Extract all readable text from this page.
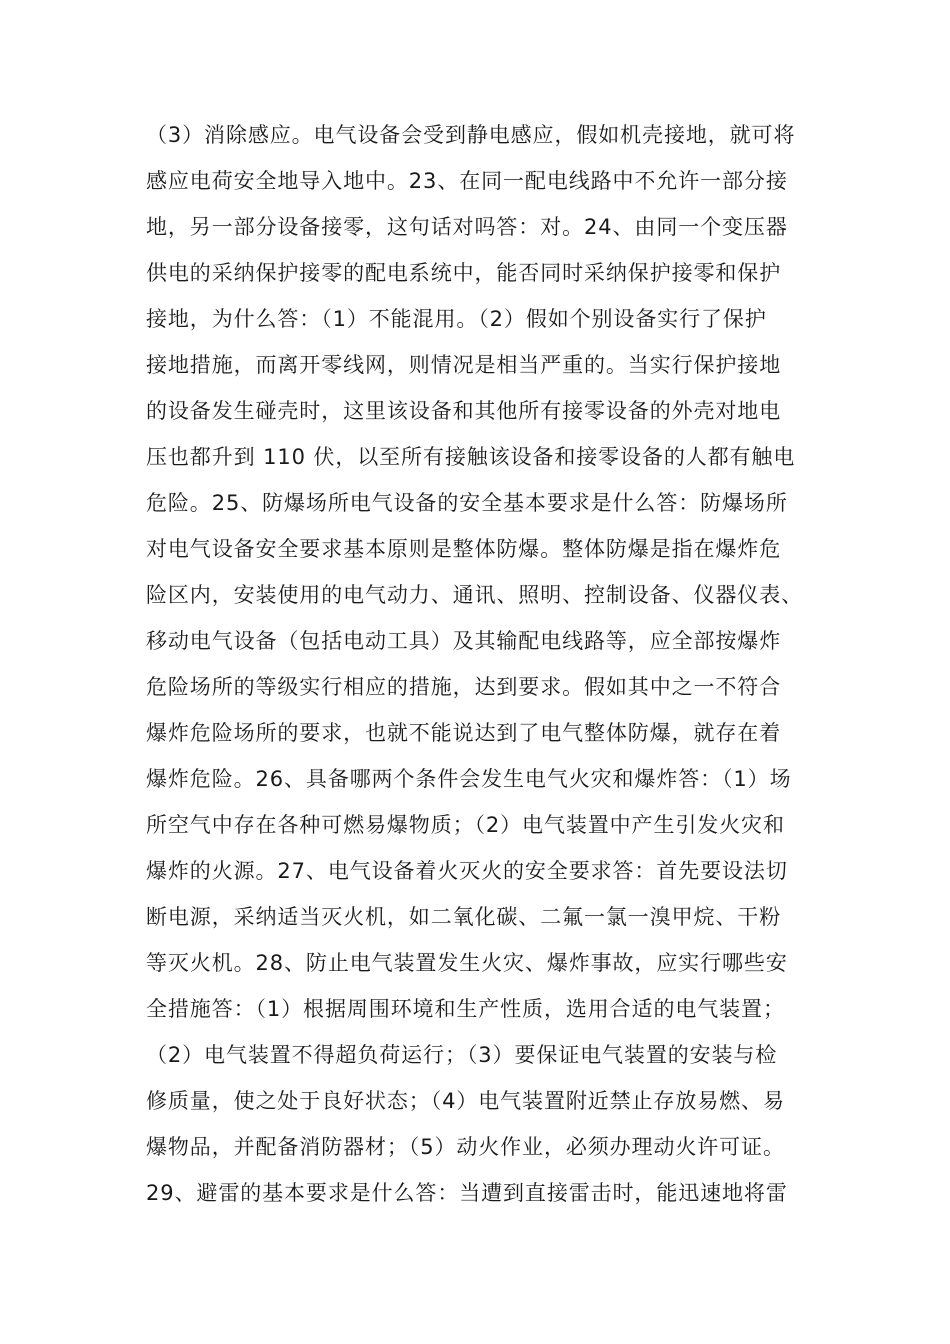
（3）消除感应。电气设备会受到静电感应，假如机壳接地，就可将
感应电荷安全地导入地中。23、在同一配电线路中不允许一部分接
地，另一部分设备接零，这句话对吗答：对。24、由同一个变压器
供电的采纳保护接零的配电系统中，能否同时采纳保护接零和保护
接地，为什么答：（1）不能混用。（2）假如个别设备实行了保护
接地措施，而离开零线网，则情况是相当严重的。当实行保护接地
的设备发生碰壳时，这里该设备和其他所有接零设备的外壳对地电
压也都升到 110 伏，以至所有接触该设备和接零设备的人都有触电
危险。25、防爆场所电气设备的安全基本要求是什么答：防爆场所
对电气设备安全要求基本原则是整体防爆。整体防爆是指在爆炸危
险区内，安装使用的电气动力、通讯、照明、控制设备、仪器仪表、
移动电气设备（包括电动工具）及其输配电线路等，应全部按爆炸
危险场所的等级实行相应的措施，达到要求。假如其中之一不符合
爆炸危险场所的要求，也就不能说达到了电气整体防爆，就存在着
爆炸危险。26、具备哪两个条件会发生电气火灾和爆炸答：（1）场
所空气中存在各种可燃易爆物质；（2）电气装置中产生引发火灾和
爆炸的火源。27、电气设备着火灭火的安全要求答：首先要设法切
断电源，采纳适当灭火机，如二氧化碳、二氟一氯一溴甲烷、干粉
等灭火机。28、防止电气装置发生火灾、爆炸事故，应实行哪些安
全措施答：（1）根据周围环境和生产性质，选用合适的电气装置；
（2）电气装置不得超负荷运行；（3）要保证电气装置的安装与检
修质量，使之处于良好状态；（4）电气装置附近禁止存放易燃、易
爆物品，并配备消防器材；（5）动火作业，必须办理动火许可证。
29、避雷的基本要求是什么答：当遭到直接雷击时，能迅速地将雷
